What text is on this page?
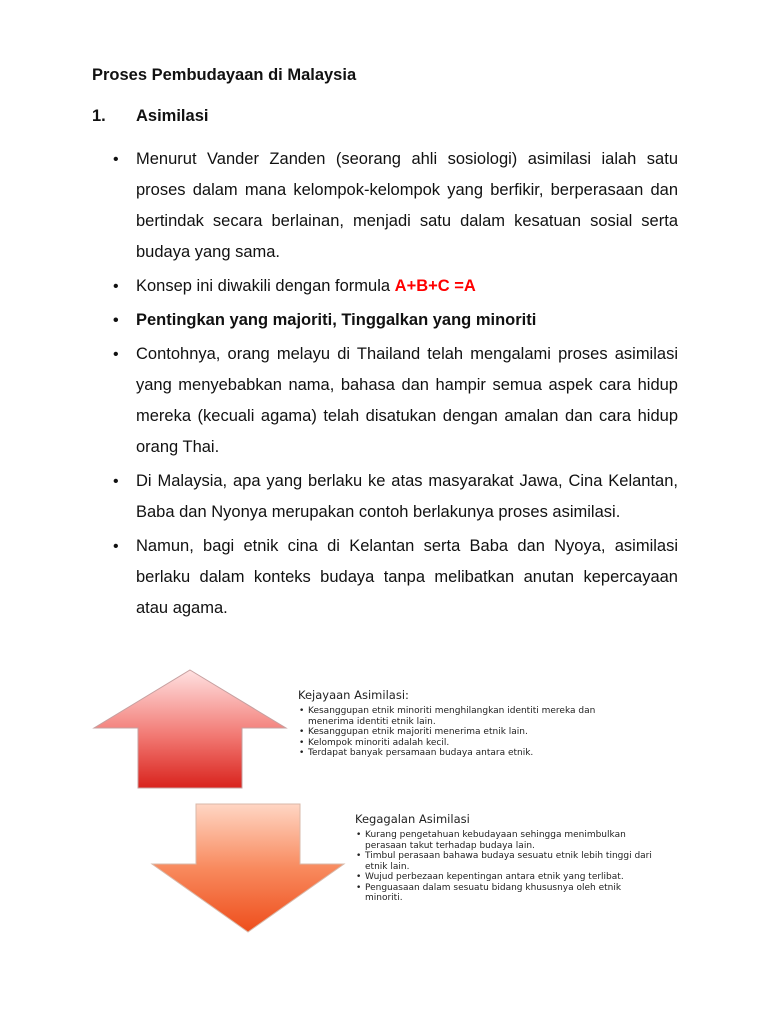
Proses Pembudayaan di Malaysia
1. Asimilasi
• Menurut Vander Zanden (seorang ahli sosiologi) asimilasi ialah satu proses dalam mana kelompok-kelompok yang berfikir, berperasaan dan bertindak secara berlainan, menjadi satu dalam kesatuan sosial serta budaya yang sama.
• Konsep ini diwakili dengan formula A+B+C =A
• Pentingkan yang majoriti, Tinggalkan yang minoriti
• Contohnya, orang melayu di Thailand telah mengalami proses asimilasi yang menyebabkan nama, bahasa dan hampir semua aspek cara hidup mereka (kecuali agama) telah disatukan dengan amalan dan cara hidup orang Thai.
• Di Malaysia, apa yang berlaku ke atas masyarakat Jawa, Cina Kelantan, Baba dan Nyonya merupakan contoh berlakunya proses asimilasi.
• Namun, bagi etnik cina di Kelantan serta Baba dan Nyoya, asimilasi berlaku dalam konteks budaya tanpa melibatkan anutan kepercayaan atau agama.
Kejayaan Asimilasi:
• Kesanggupan etnik minoriti menghilangkan identiti mereka dan menerima identiti etnik lain.
• Kesanggupan etnik majoriti menerima etnik lain.
• Kelompok minoriti adalah kecil.
• Terdapat banyak persamaan budaya antara etnik.
Kegagalan Asimilasi
• Kurang pengetahuan kebudayaan sehingga menimbulkan perasaan takut terhadap budaya lain.
• Timbul perasaan bahawa budaya sesuatu etnik lebih tinggi dari etnik lain.
• Wujud perbezaan kepentingan antara etnik yang terlibat.
• Penguasaan dalam sesuatu bidang khususnya oleh etnik minoriti.
